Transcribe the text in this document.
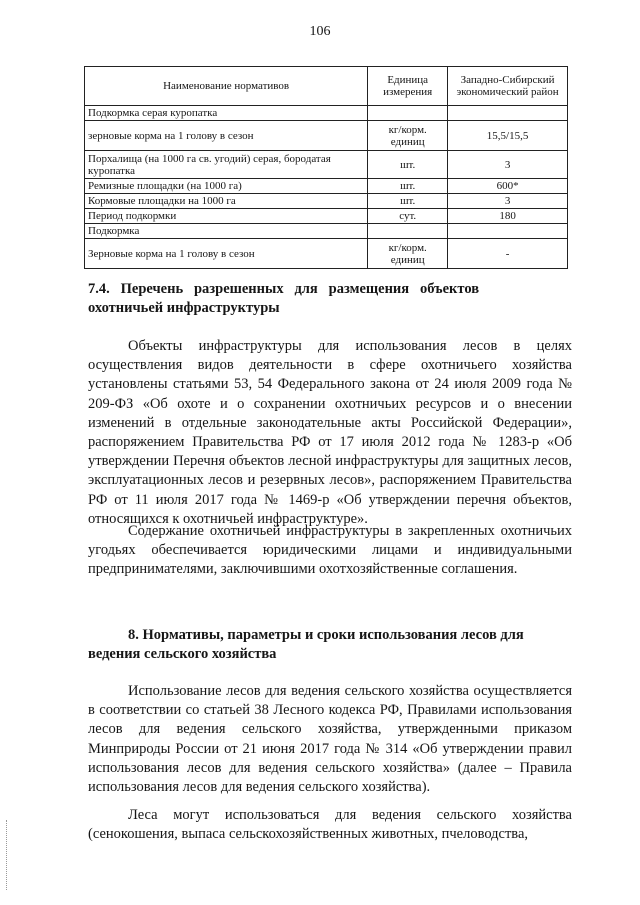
106
Наименование нормативов	Единица измерения	Западно-Сибирский экономический район
Подкормка серая куропатка		
зерновые корма на 1 голову в сезон	кг/корм. единиц	15,5/15,5
Порхалища (на 1000 га св. угодий) серая, бородатая куропатка	шт.	3
Ремизные площадки (на 1000 га)	шт.	600*
Кормовые площадки на 1000 га	шт.	3
Период подкормки	сут.	180
Подкормка		
Зерновые корма на 1 голову в сезон	кг/корм. единиц	-
7.4.   Перечень   разрешенных   для   размещения   объектов
охотничьей инфраструктуры
Объекты инфраструктуры для использования лесов в целях осуществления видов деятельности в сфере охотничьего хозяйства установлены статьями 53, 54 Федерального закона от 24 июля 2009 года № 209-ФЗ «Об охоте и о сохранении охотничьих ресурсов и о внесении изменений в отдельные законодательные акты Российской Федерации», распоряжением Правительства РФ от 17 июля 2012 года № 1283-р «Об утверждении Перечня объектов лесной инфраструктуры для защитных лесов, эксплуатационных лесов и резервных лесов», распоряжением Правительства РФ от 11 июля 2017 года № 1469-р «Об утверждении перечня объектов, относящихся к охотничьей инфраструктуре».
Содержание охотничьей инфраструктуры в закрепленных охотничьих угодьях обеспечивается юридическими лицами и индивидуальными предпринимателями, заключившими охотхозяйственные соглашения.
8. Нормативы, параметры и сроки использования лесов для
ведения сельского хозяйства
Использование лесов для ведения сельского хозяйства осуществляется в соответствии со статьей 38 Лесного кодекса РФ, Правилами использования лесов для ведения сельского хозяйства, утвержденными приказом Минприроды России от 21 июня 2017 года № 314 «Об утверждении правил использования лесов для ведения сельского хозяйства» (далее – Правила использования лесов для ведения сельского хозяйства).
Леса могут использоваться для ведения сельского хозяйства (сенокошения, выпаса сельскохозяйственных животных, пчеловодства,
